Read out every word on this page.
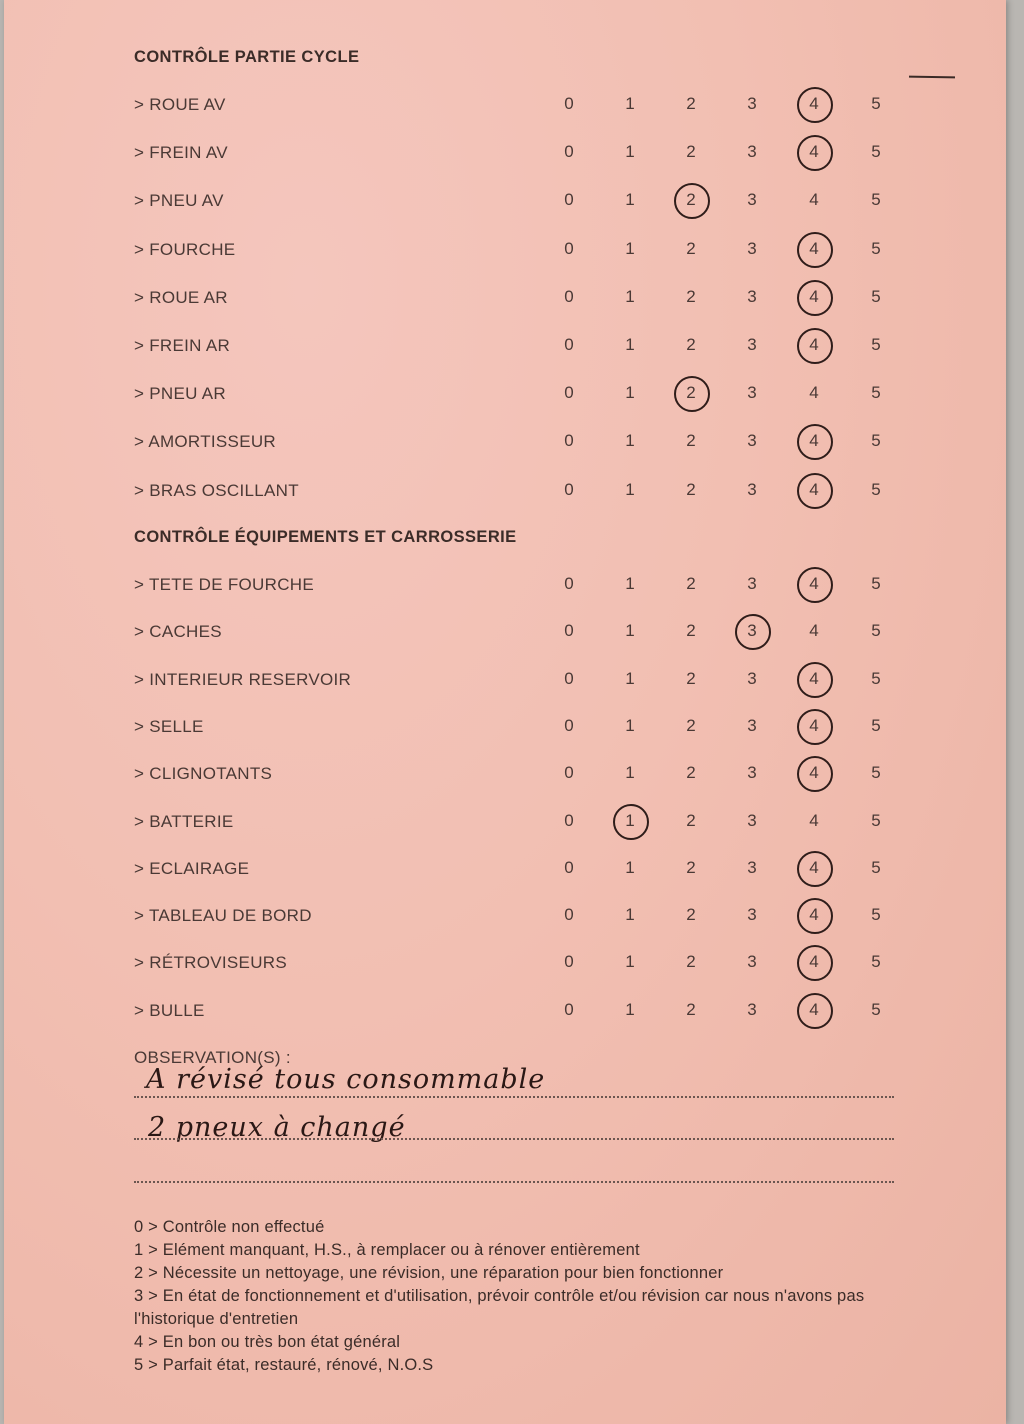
CONTRÔLE PARTIE CYCLE
> ROUE AV	0	1	2	3	4	5
> FREIN AV	0	1	2	3	4	5
> PNEU AV	0	1	2	3	4	5
> FOURCHE	0	1	2	3	4	5
> ROUE AR	0	1	2	3	4	5
> FREIN AR	0	1	2	3	4	5
> PNEU AR	0	1	2	3	4	5
> AMORTISSEUR	0	1	2	3	4	5
> BRAS OSCILLANT	0	1	2	3	4	5
CONTRÔLE ÉQUIPEMENTS ET CARROSSERIE
> TETE DE FOURCHE	0	1	2	3	4	5
> CACHES	0	1	2	3	4	5
> INTERIEUR RESERVOIR	0	1	2	3	4	5
> SELLE	0	1	2	3	4	5
> CLIGNOTANTS	0	1	2	3	4	5
> BATTERIE	0	1	2	3	4	5
> ECLAIRAGE	0	1	2	3	4	5
> TABLEAU DE BORD	0	1	2	3	4	5
> RÉTROVISEURS	0	1	2	3	4	5
> BULLE	0	1	2	3	4	5
OBSERVATION(S) :
A révisé tous consommable
2 pneux à changé
0 > Contrôle non effectué
1 > Elément manquant, H.S., à remplacer ou à rénover entièrement
2 > Nécessite un nettoyage, une révision, une réparation pour bien fonctionner
3 > En état de fonctionnement et d'utilisation, prévoir contrôle et/ou révision car nous n'avons pas l'historique d'entretien
4 > En bon ou très bon état général
5 > Parfait état, restauré, rénové, N.O.S
